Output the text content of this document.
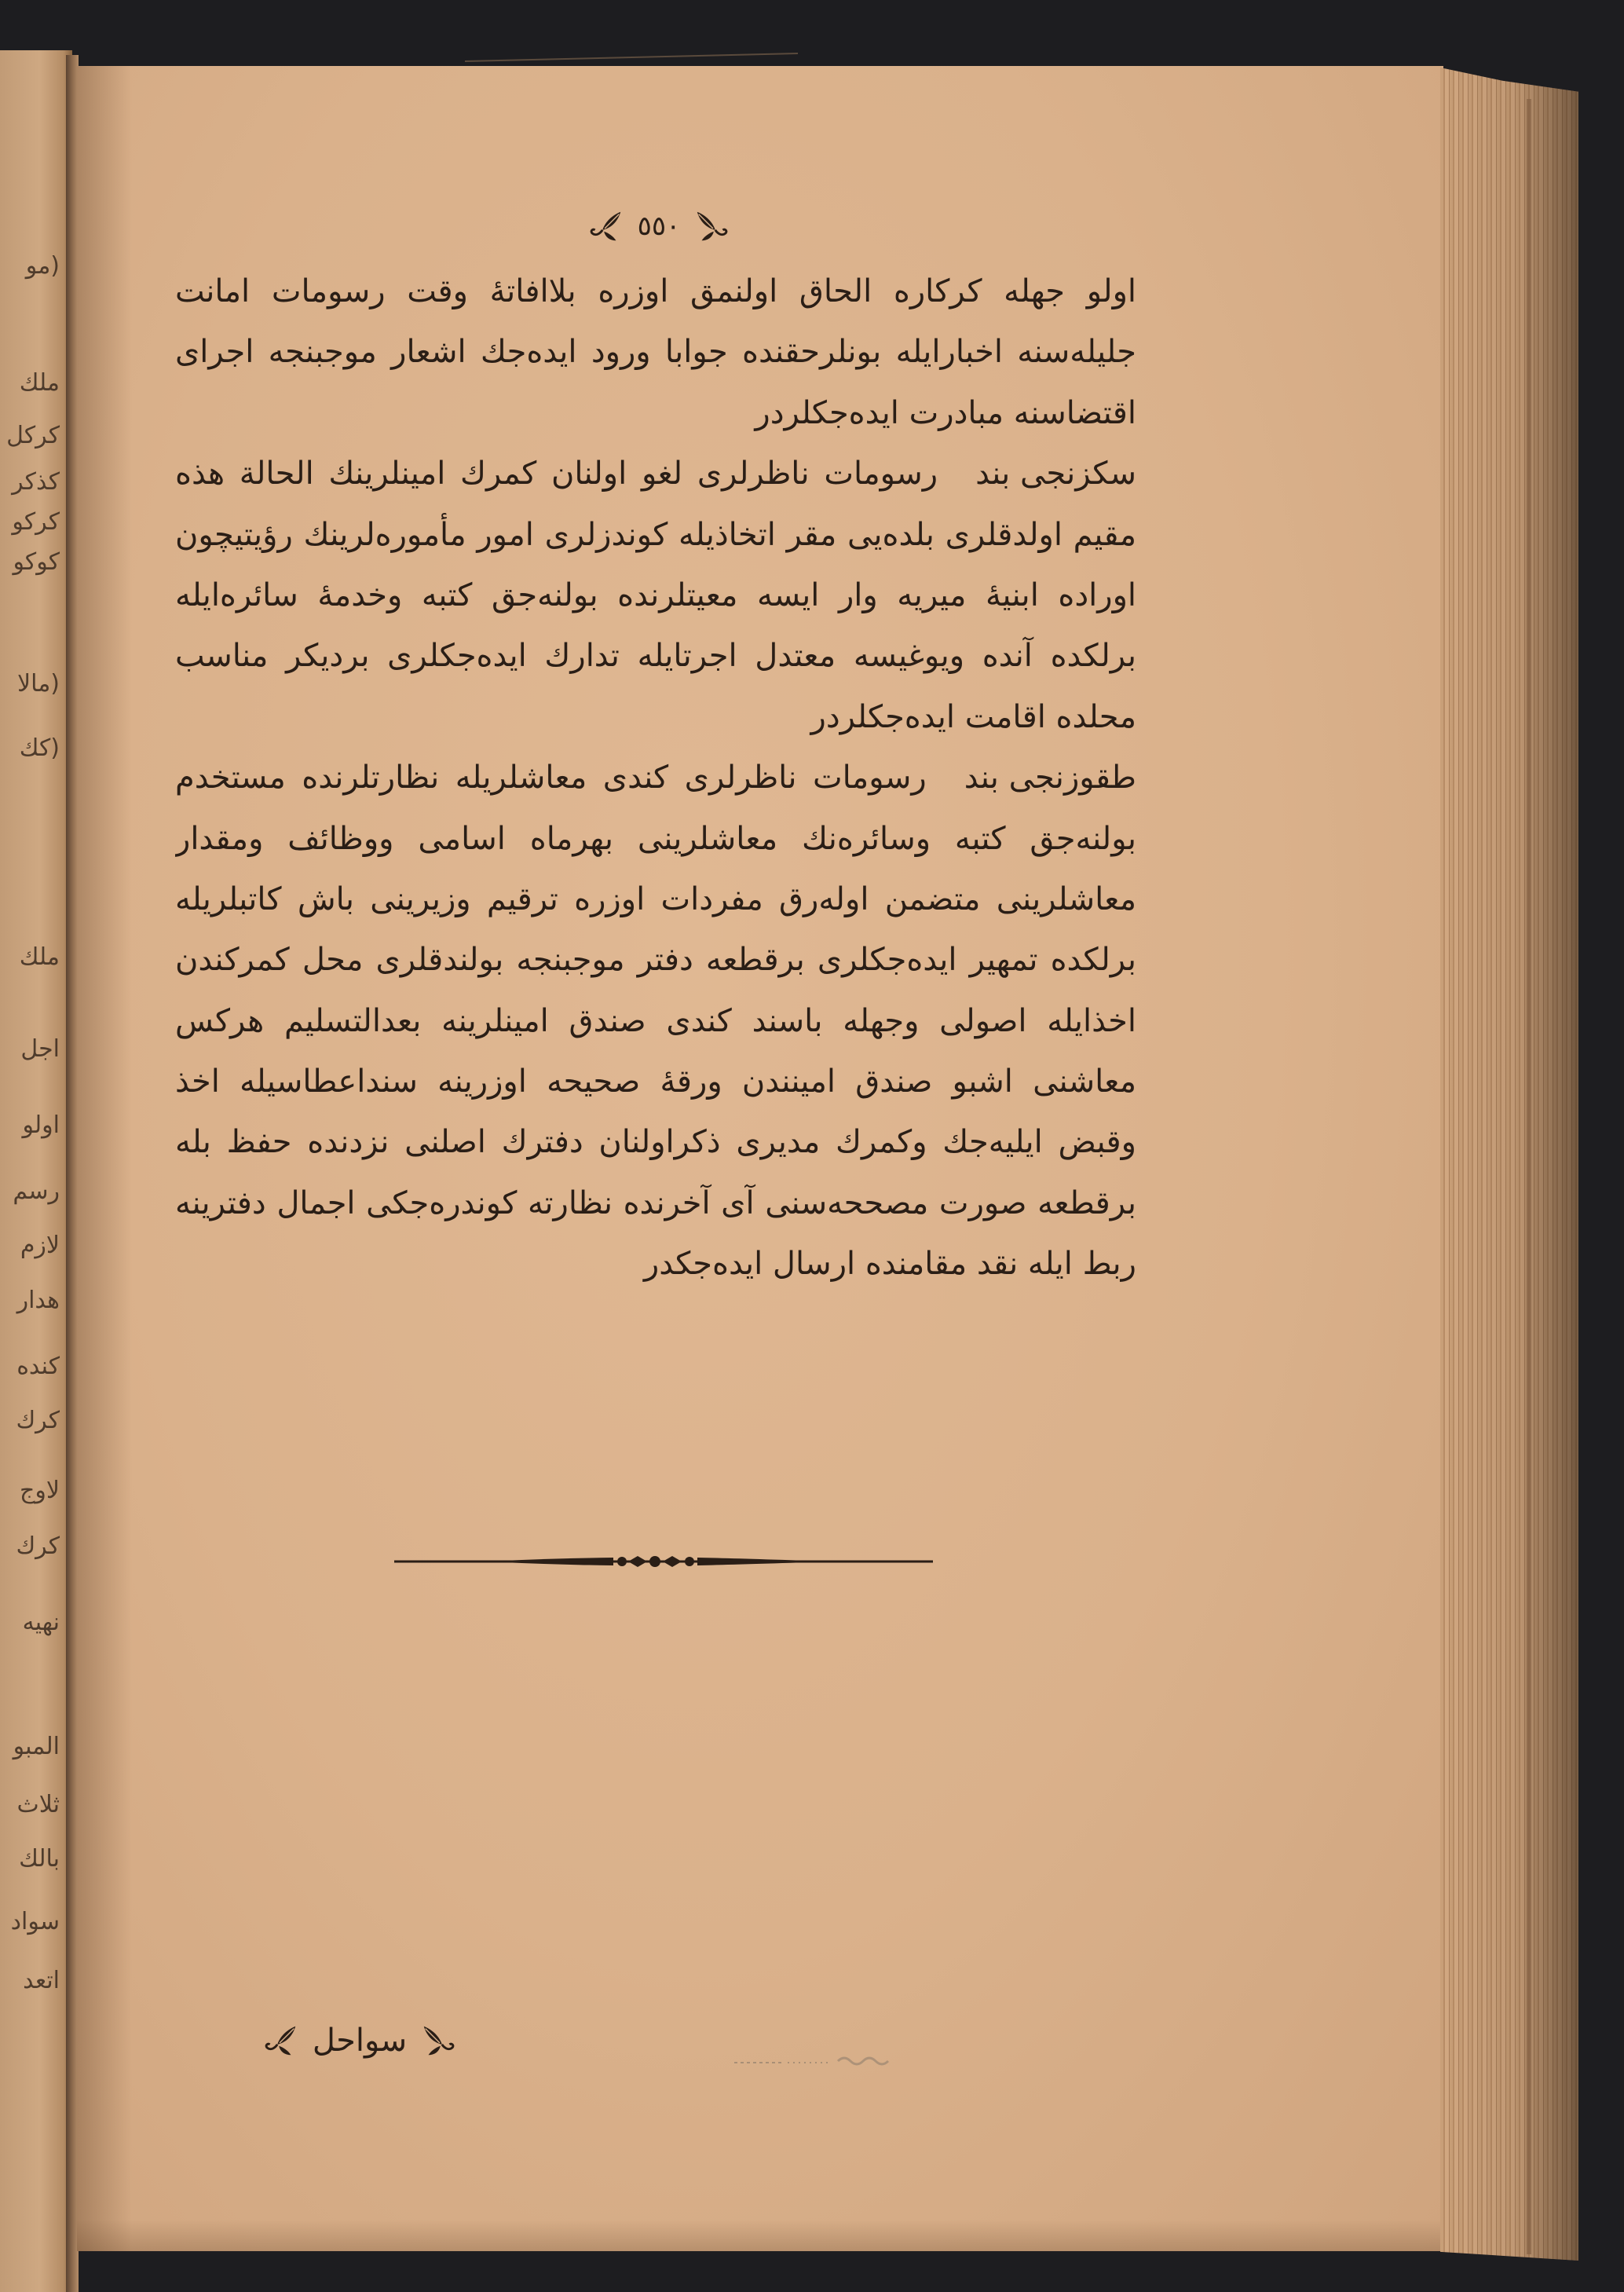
(مو
ملك
كركل
كذكر
كركو
كوكو
(مالا
(كك
ملك
اجل
اولو
رسم
لازم
هدار
كنده
كرك
لاوج
كرك
نهيه
المبو
ثلاث
بالك
سواد
اتعد
٥٥٠
اولو جهله كركاره الحاق اولنمق اوزره بلاافاتهٔ وقت رسومات امانت
جليله‌سنه اخبارايله بونلرحقنده جوابا ورود ايده‌جك اشعار موجبنجه اجرای
اقتضاسنه مبادرت ايده‌جكلردر
سكزنجی بند
رسومات ناظرلری لغو اولنان كمرك امينلرينك الحالة هذه
مقيم اولدقلری بلده‌يی مقر اتخاذيله كوندزلری امور مأموره‌لرينك رؤيتيچون
اوراده ابنيهٔ ميريه وار ايسه معيتلرنده بولنه‌جق كتبه وخدمهٔ سائره‌ايله
برلكده آنده ويوغيسه معتدل اجرتايله تدارك ايده‌جكلری برديكر مناسب
محلده اقامت ايده‌جكلردر
طقوزنجی بند
رسومات ناظرلری كندی معاشلريله نظارتلرنده مستخدم
بولنه‌جق كتبه وسائره‌نك معاشلرينی بهرماه اسامی ووظائف ومقدار
معاشلرينی متضمن اوله‌رق مفردات اوزره ترقيم وزيرينی باش كاتبلريله
برلكده تمهير ايده‌جكلری برقطعه دفتر موجبنجه بولندقلری محل كمركندن
اخذايله اصولی وجهله باسند كندی صندق امينلرينه بعدالتسليم هركس
معاشنی اشبو صندق امينندن ورقهٔ صحيحه اوزرينه سنداعطاسيله اخذ
وقبض ايليه‌جك وكمرك مديری ذكراولنان دفترك اصلنی نزدنده حفظ بله
برقطعه صورت مصححه‌سنی آی آخرنده نظارته كوندره‌جكی اجمال دفترينه
ربط ايله نقد مقامنده ارسال ايده‌جكدر
سواحل
